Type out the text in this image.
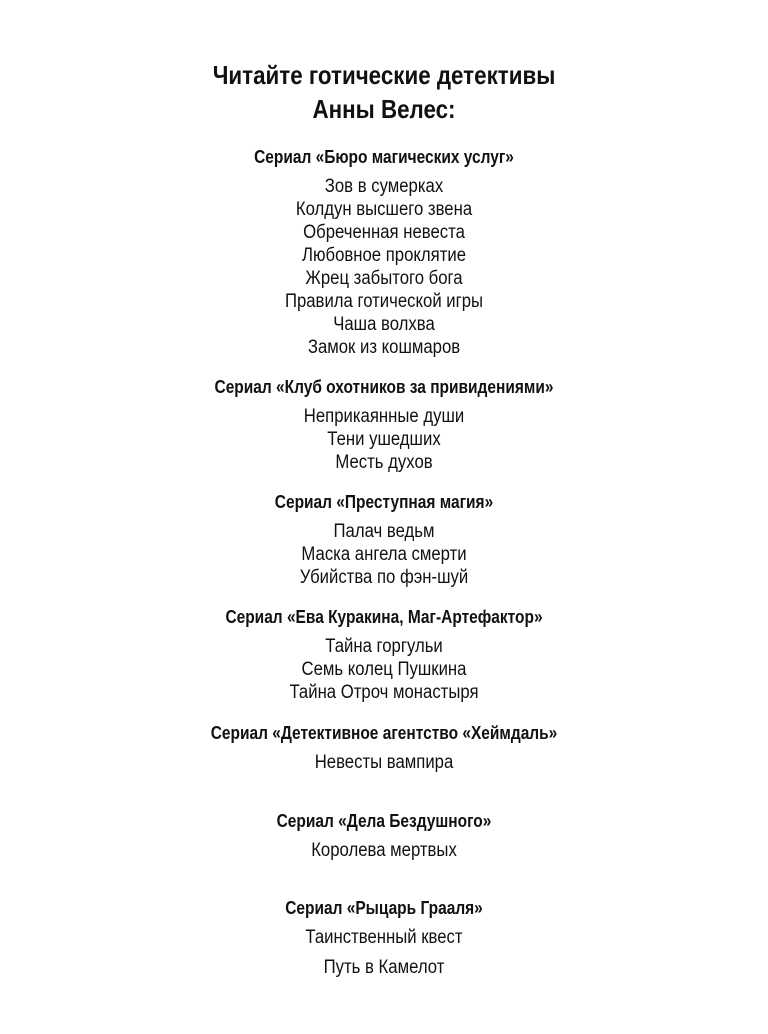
Читайте готические детективы
Анны Велес:
Сериал «Бюро магических услуг»
Зов в сумерках
Колдун высшего звена
Обреченная невеста
Любовное проклятие
Жрец забытого бога
Правила готической игры
Чаша волхва
Замок из кошмаров
Сериал «Клуб охотников за привидениями»
Неприкаянные души
Тени ушедших
Месть духов
Сериал «Преступная магия»
Палач ведьм
Маска ангела смерти
Убийства по фэн-шуй
Сериал «Ева Куракина, Маг-Артефактор»
Тайна горгульи
Семь колец Пушкина
Тайна Отроч монастыря
Сериал «Детективное агентство «Хеймдаль»
Невесты вампира
Сериал «Дела Бездушного»
Королева мертвых
Сериал «Рыцарь Грааля»
Таинственный квест
Путь в Камелот
